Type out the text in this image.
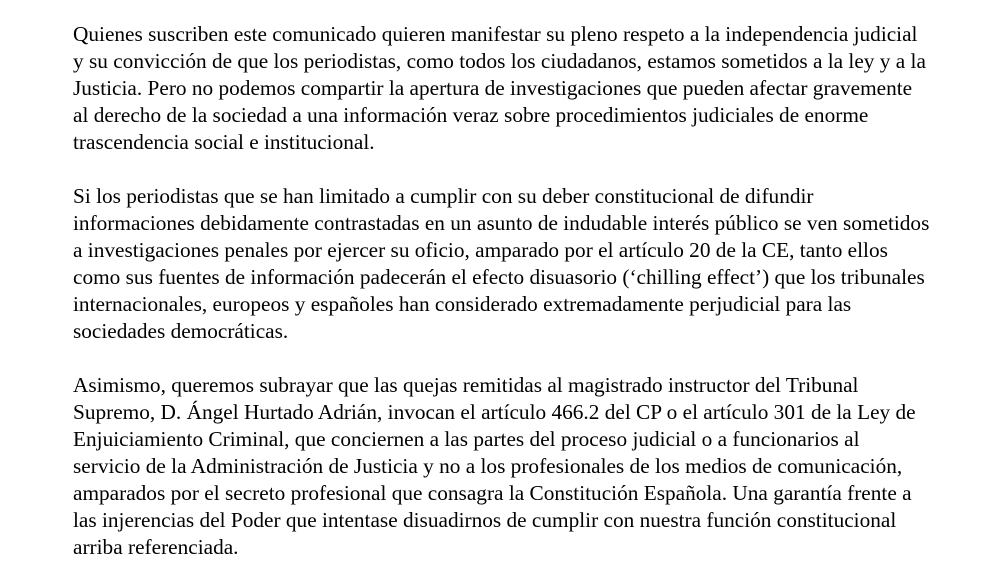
Quienes suscriben este comunicado quieren manifestar su pleno respeto a la independencia judicial
y su convicción de que los periodistas, como todos los ciudadanos, estamos sometidos a la ley y a la
Justicia. Pero no podemos compartir la apertura de investigaciones que pueden afectar gravemente
al derecho de la sociedad a una información veraz sobre procedimientos judiciales de enorme
trascendencia social e institucional.

Si los periodistas que se han limitado a cumplir con su deber constitucional de difundir
informaciones debidamente contrastadas en un asunto de indudable interés público se ven sometidos
a investigaciones penales por ejercer su oficio, amparado por el artículo 20 de la CE, tanto ellos
como sus fuentes de información padecerán el efecto disuasorio (‘chilling effect’) que los tribunales
internacionales, europeos y españoles han considerado extremadamente perjudicial para las
sociedades democráticas.

Asimismo, queremos subrayar que las quejas remitidas al magistrado instructor del Tribunal
Supremo, D. Ángel Hurtado Adrián, invocan el artículo 466.2 del CP o el artículo 301 de la Ley de
Enjuiciamiento Criminal, que conciernen a las partes del proceso judicial o a funcionarios al
servicio de la Administración de Justicia y no a los profesionales de los medios de comunicación,
amparados por el secreto profesional que consagra la Constitución Española. Una garantía frente a
las injerencias del Poder que intentase disuadirnos de cumplir con nuestra función constitucional
arriba referenciada.
